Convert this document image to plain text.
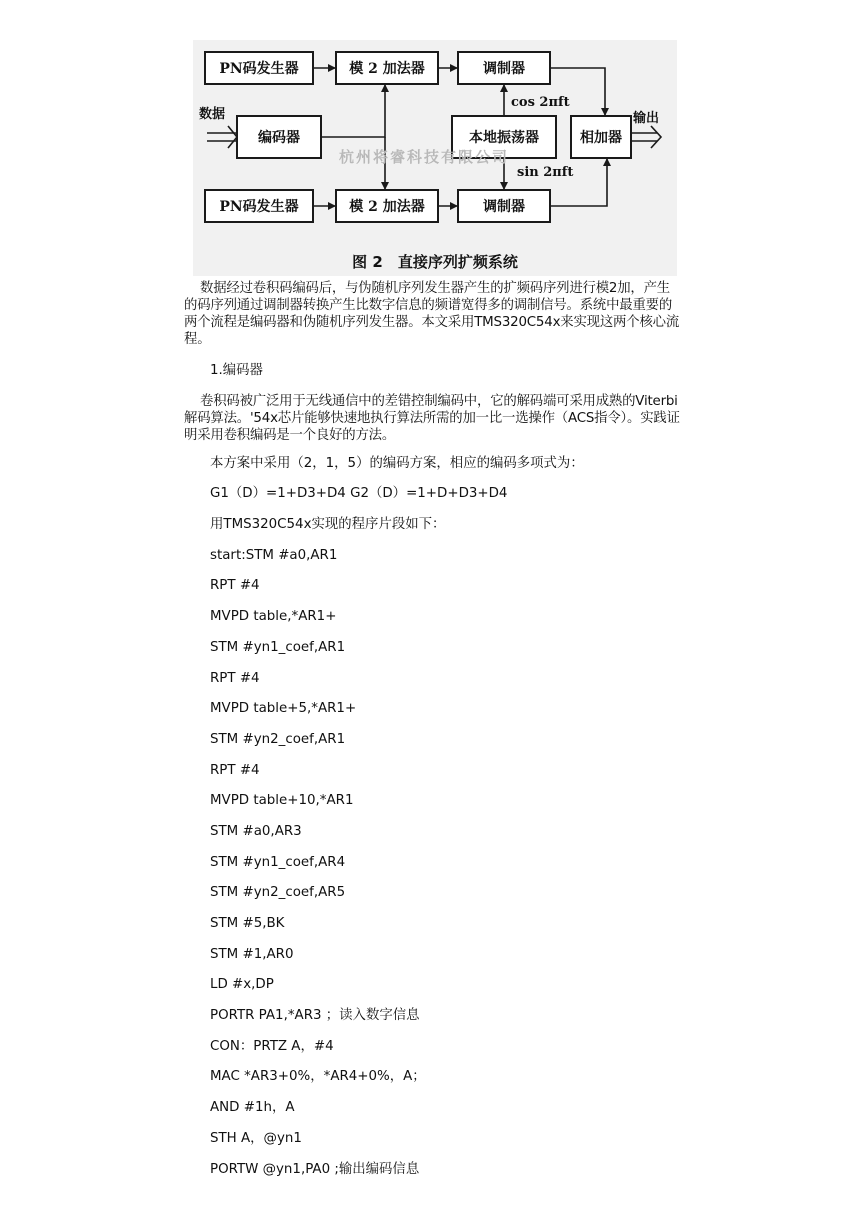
PN码发生器	模 2 加法器	调制器
编码器	本地振荡器	相加器
PN码发生器	模 2 加法器	调制器
数据
cos 2πft
sin 2πft
输出
杭州将睿科技有限公司
图 2　直接序列扩频系统

数据经过卷积码编码后，与伪随机序列发生器产生的扩频码序列进行模2加，产生的码序列通过调制器转换产生比数字信息的频谱宽得多的调制信号。系统中最重要的两个流程是编码器和伪随机序列发生器。本文采用TMS320C54x来实现这两个核心流程。

1.编码器

卷积码被广泛用于无线通信中的差错控制编码中，它的解码端可采用成熟的Viterbi解码算法。'54x芯片能够快速地执行算法所需的加一比一选操作（ACS指令）。实践证明采用卷积编码是一个良好的方法。

本方案中采用（2，1，5）的编码方案，相应的编码多项式为：

G1（D）=1+D3+D4 G2（D）=1+D+D3+D4

用TMS320C54x实现的程序片段如下：

start:STM #a0,AR1

RPT #4

MVPD table,*AR1+

STM #yn1_coef,AR1

RPT #4

MVPD table+5,*AR1+

STM #yn2_coef,AR1

RPT #4

MVPD table+10,*AR1

STM #a0,AR3

STM #yn1_coef,AR4

STM #yn2_coef,AR5

STM #5,BK

STM #1,AR0

LD #x,DP

PORTR PA1,*AR3 ；读入数字信息

CON：PRTZ A，#4

MAC *AR3+0%，*AR4+0%，A；

AND #1h，A

STH A，@yn1

PORTW @yn1,PA0 ;输出编码信息
